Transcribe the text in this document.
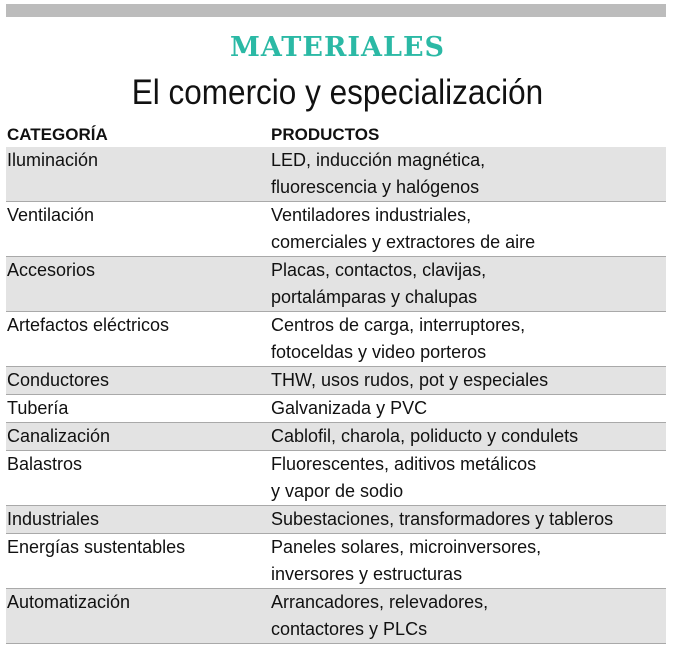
MATERIALES
El comercio y especialización
CATEGORÍA	PRODUCTOS
Iluminación	LED, inducción magnética,
fluorescencia y halógenos
Ventilación	Ventiladores industriales,
comerciales y extractores de aire
Accesorios	Placas, contactos, clavijas,
portalámparas y chalupas
Artefactos eléctricos	Centros de carga, interruptores,
fotoceldas y video porteros
Conductores	THW, usos rudos, pot y especiales
Tubería	Galvanizada y PVC
Canalización	Cablofil, charola, poliducto y condulets
Balastros	Fluorescentes, aditivos metálicos
y vapor de sodio
Industriales	Subestaciones, transformadores y tableros
Energías sustentables	Paneles solares, microinversores,
inversores y estructuras
Automatización	Arrancadores, relevadores,
contactores y PLCs
